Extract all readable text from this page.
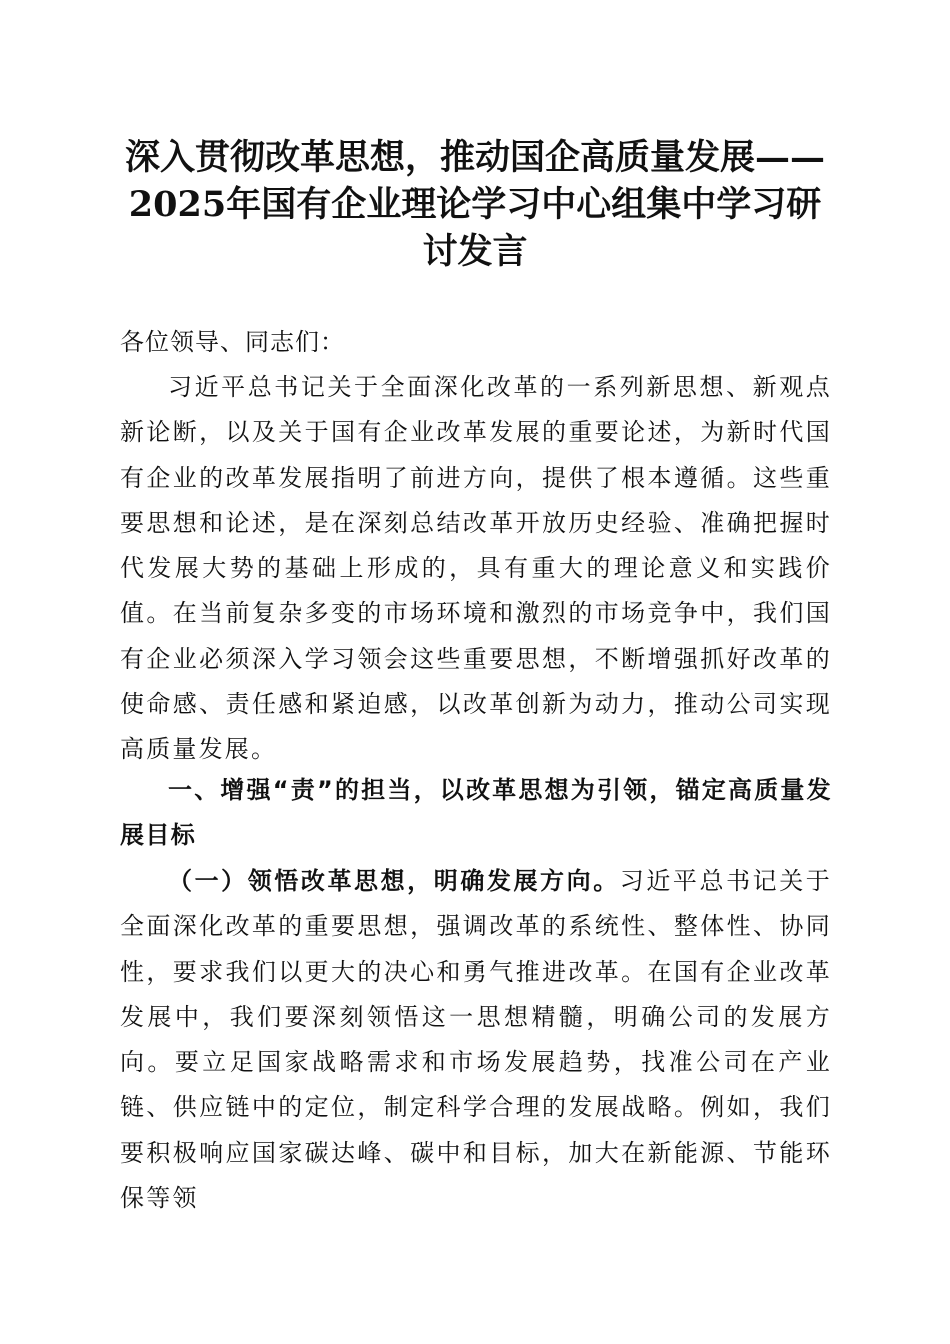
深入贯彻改革思想，推动国企高质量发展——
2025年国有企业理论学习中心组集中学习研
讨发言

各位领导、同志们：

习近平总书记关于全面深化改革的一系列新思想、新观点新论断，以及关于国有企业改革发展的重要论述，为新时代国有企业的改革发展指明了前进方向，提供了根本遵循。这些重要思想和论述，是在深刻总结改革开放历史经验、准确把握时代发展大势的基础上形成的，具有重大的理论意义和实践价值。在当前复杂多变的市场环境和激烈的市场竞争中，我们国有企业必须深入学习领会这些重要思想，不断增强抓好改革的使命感、责任感和紧迫感，以改革创新为动力，推动公司实现高质量发展。

一、增强“责”的担当，以改革思想为引领，锚定高质量发展目标

（一）领悟改革思想，明确发展方向。习近平总书记关于全面深化改革的重要思想，强调改革的系统性、整体性、协同性，要求我们以更大的决心和勇气推进改革。在国有企业改革发展中，我们要深刻领悟这一思想精髓，明确公司的发展方向。要立足国家战略需求和市场发展趋势，找准公司在产业链、供应链中的定位，制定科学合理的发展战略。例如，我们要积极响应国家碳达峰、碳中和目标，加大在新能源、节能环保等领
